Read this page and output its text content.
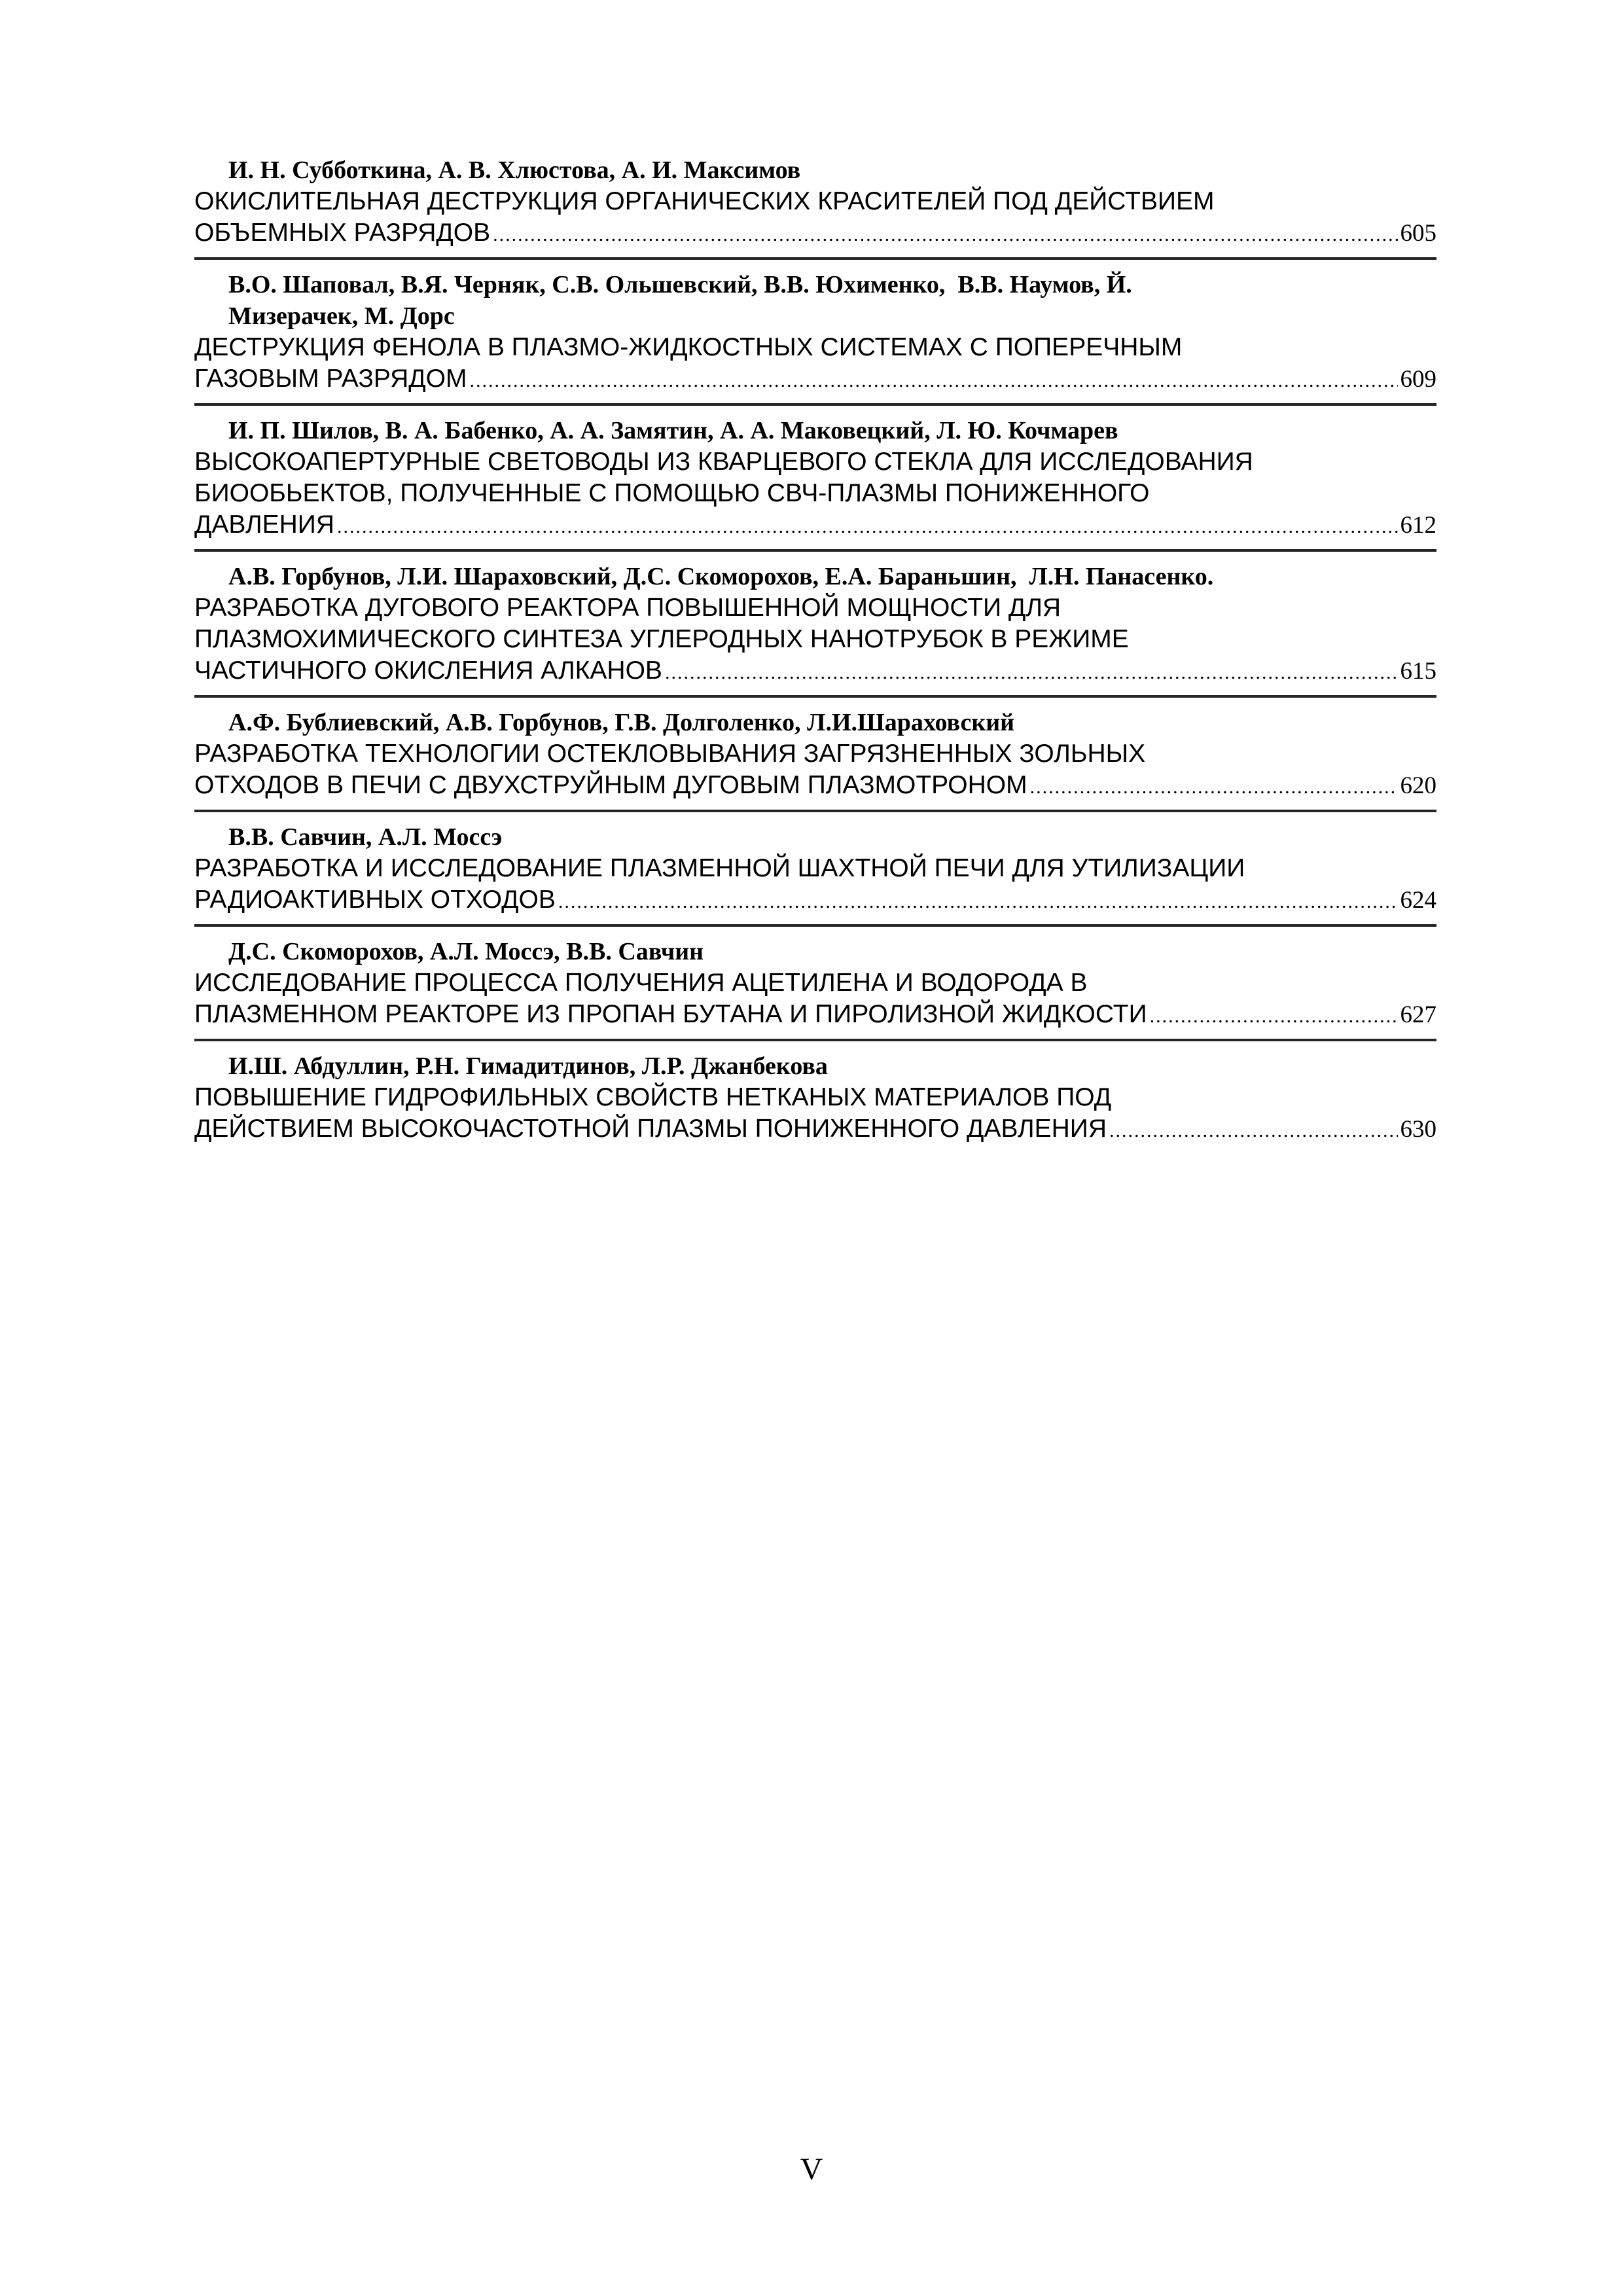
И. Н. Субботкина, А. В. Хлюстова, А. И. Максимов
ОКИСЛИТЕЛЬНАЯ ДЕСТРУКЦИЯ ОРГАНИЧЕСКИХ КРАСИТЕЛЕЙ ПОД ДЕЙСТВИЕМ
ОБЪЕМНЫХ РАЗРЯДОВ .....	605
В.О. Шаповал, В.Я. Черняк, С.В. Ольшевский, В.В. Юхименко,  В.В. Наумов, Й.
Мизерачек, М. Дорс
ДЕСТРУКЦИЯ ФЕНОЛА В ПЛАЗМО-ЖИДКОСТНЫХ СИСТЕМАХ С ПОПЕРЕЧНЫМ
ГАЗОВЫМ РАЗРЯДОМ .....	609
И. П. Шилов, В. А. Бабенко, А. А. Замятин, А. А. Маковецкий, Л. Ю. Кочмарев
ВЫСОКОАПЕРТУРНЫЕ СВЕТОВОДЫ ИЗ КВАРЦЕВОГО СТЕКЛА ДЛЯ ИССЛЕДОВАНИЯ
БИООБЬЕКТОВ, ПОЛУЧЕННЫЕ С ПОМОЩЬЮ СВЧ-ПЛАЗМЫ ПОНИЖЕННОГО
ДАВЛЕНИЯ .....	612
А.В. Горбунов, Л.И. Шараховский, Д.С. Скоморохов, Е.А. Бараньшин,  Л.Н. Панасенко.
РАЗРАБОТКА ДУГОВОГО РЕАКТОРА ПОВЫШЕННОЙ МОЩНОСТИ ДЛЯ
ПЛАЗМОХИМИЧЕСКОГО СИНТЕЗА УГЛЕРОДНЫХ НАНОТРУБОК В РЕЖИМЕ
ЧАСТИЧНОГО ОКИСЛЕНИЯ АЛКАНОВ .....	615
А.Ф. Бублиевский, А.В. Горбунов, Г.В. Долголенко, Л.И.Шараховский
РАЗРАБОТКА ТЕХНОЛОГИИ ОСТЕКЛОВЫВАНИЯ ЗАГРЯЗНЕННЫХ ЗОЛЬНЫХ
ОТХОДОВ В ПЕЧИ С ДВУХСТРУЙНЫМ ДУГОВЫМ ПЛАЗМОТРОНОМ .....	620
В.В. Савчин, А.Л. Моссэ
РАЗРАБОТКА И ИССЛЕДОВАНИЕ ПЛАЗМЕННОЙ ШАХТНОЙ ПЕЧИ ДЛЯ УТИЛИЗАЦИИ
РАДИОАКТИВНЫХ ОТХОДОВ .....	624
Д.С. Скоморохов, А.Л. Моссэ, В.В. Савчин
ИССЛЕДОВАНИЕ ПРОЦЕССА ПОЛУЧЕНИЯ АЦЕТИЛЕНА И ВОДОРОДА В
ПЛАЗМЕННОМ РЕАКТОРЕ ИЗ ПРОПАН БУТАНА И ПИРОЛИЗНОЙ ЖИДКОСТИ .....	627
И.Ш. Абдуллин, Р.Н. Гимадитдинов, Л.Р. Джанбекова
ПОВЫШЕНИЕ ГИДРОФИЛЬНЫХ СВОЙСТВ НЕТКАНЫХ МАТЕРИАЛОВ ПОД
ДЕЙСТВИЕМ ВЫСОКОЧАСТОТНОЙ ПЛАЗМЫ ПОНИЖЕННОГО ДАВЛЕНИЯ .....	630
V
